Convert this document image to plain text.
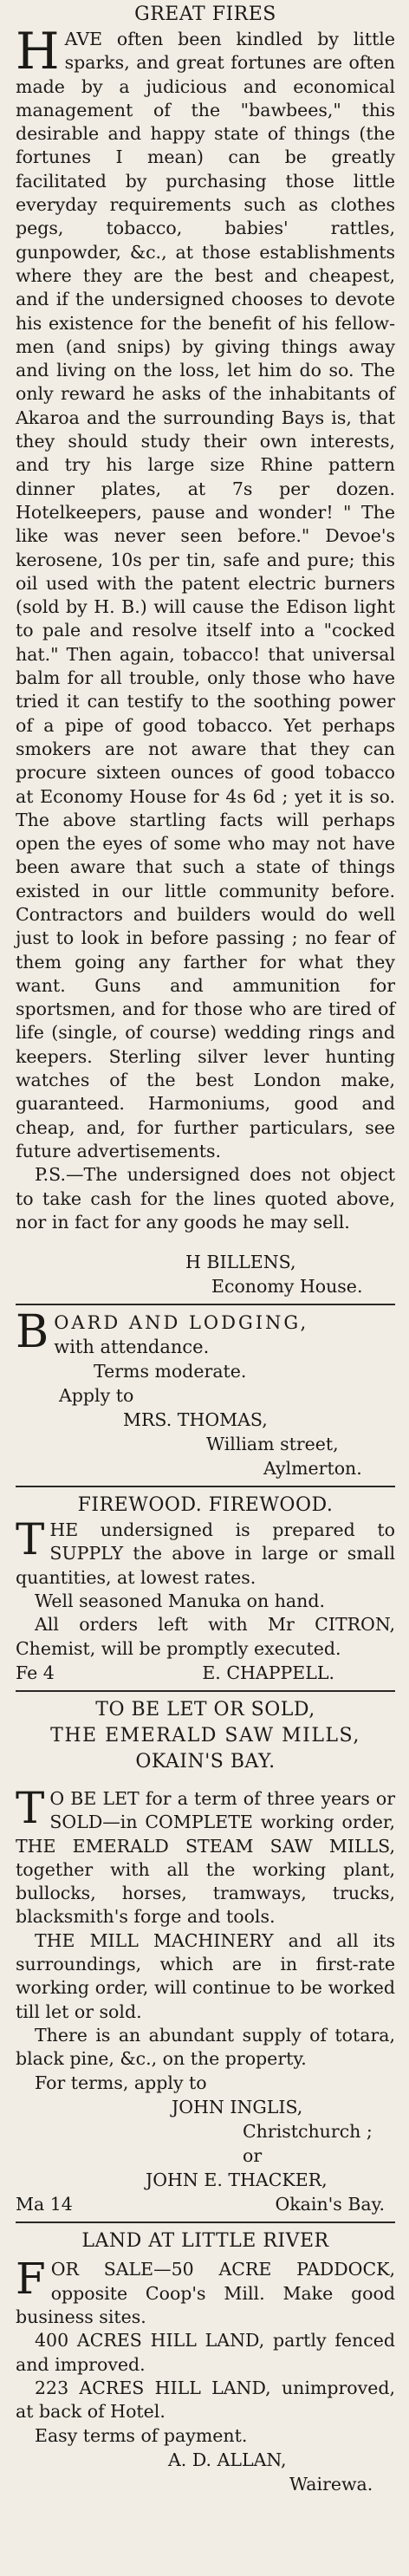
GREAT FIRES
H AVE often been kindled by little sparks, and great fortunes are often made by a judicious and economical management of the "bawbees," this desirable and happy state of things (the fortunes I mean) can be greatly facilitated by purchasing those little everyday requirements such as clothes pegs, tobacco, babies' rattles, gunpowder, &c., at those establishments where they are the best and cheapest, and if the undersigned chooses to devote his existence for the benefit of his fellow-men (and snips) by giving things away and living on the loss, let him do so. The only reward he asks of the inhabitants of Akaroa and the surrounding Bays is, that they should study their own interests, and try his large size Rhine pattern dinner plates, at 7s per dozen. Hotelkeepers, pause and wonder! " The like was never seen before." Devoe's kerosene, 10s per tin, safe and pure; this oil used with the patent electric burners (sold by H. B.) will cause the Edison light to pale and resolve itself into a "cocked hat." Then again, tobacco! that universal balm for all trouble, only those who have tried it can testify to the soothing power of a pipe of good tobacco. Yet perhaps smokers are not aware that they can procure sixteen ounces of good tobacco at Economy House for 4s 6d ; yet it is so. The above startling facts will perhaps open the eyes of some who may not have been aware that such a state of things existed in our little community before. Contractors and builders would do well just to look in before passing ; no fear of them going any farther for what they want. Guns and ammunition for sportsmen, and for those who are tired of life (single, of course) wedding rings and keepers. Sterling silver lever hunting watches of the best London make, guaranteed. Harmoniums, good and cheap, and, for further particulars, see future advertisements.

P.S.—The undersigned does not object to take cash for the lines quoted above, nor in fact for any goods he may sell.

H BILLENS,
Economy House.
B OARD AND LODGING,
with attendance.
Terms moderate.
Apply to
MRS. THOMAS,
William street,
Aylmerton.
FIREWOOD. FIREWOOD.
T HE undersigned is prepared to SUPPLY the above in large or small quantities, at lowest rates.

Well seasoned Manuka on hand.

All orders left with Mr CITRON, Chemist, will be promptly executed.

Fe 4	E. CHAPPELL.
TO BE LET OR SOLD,
THE EMERALD SAW MILLS,
OKAIN'S BAY.
T O BE LET for a term of three years or SOLD—in COMPLETE working order, THE EMERALD STEAM SAW MILLS, together with all the working plant, bullocks, horses, tramways, trucks, blacksmith's forge and tools.

THE MILL MACHINERY and all its surroundings, which are in first-rate working order, will continue to be worked till let or sold.

There is an abundant supply of totara, black pine, &c., on the property.

For terms, apply to
JOHN INGLIS,
Christchurch ; or
JOHN E. THACKER,
Ma 14	Okain's Bay.
LAND AT LITTLE RIVER
F OR SALE—50 ACRE PADDOCK, opposite Coop's Mill. Make good business sites.

400 ACRES HILL LAND, partly fenced and improved.

223 ACRES HILL LAND, unimproved, at back of Hotel.

Easy terms of payment.

A. D. ALLAN,
Wairewa.
